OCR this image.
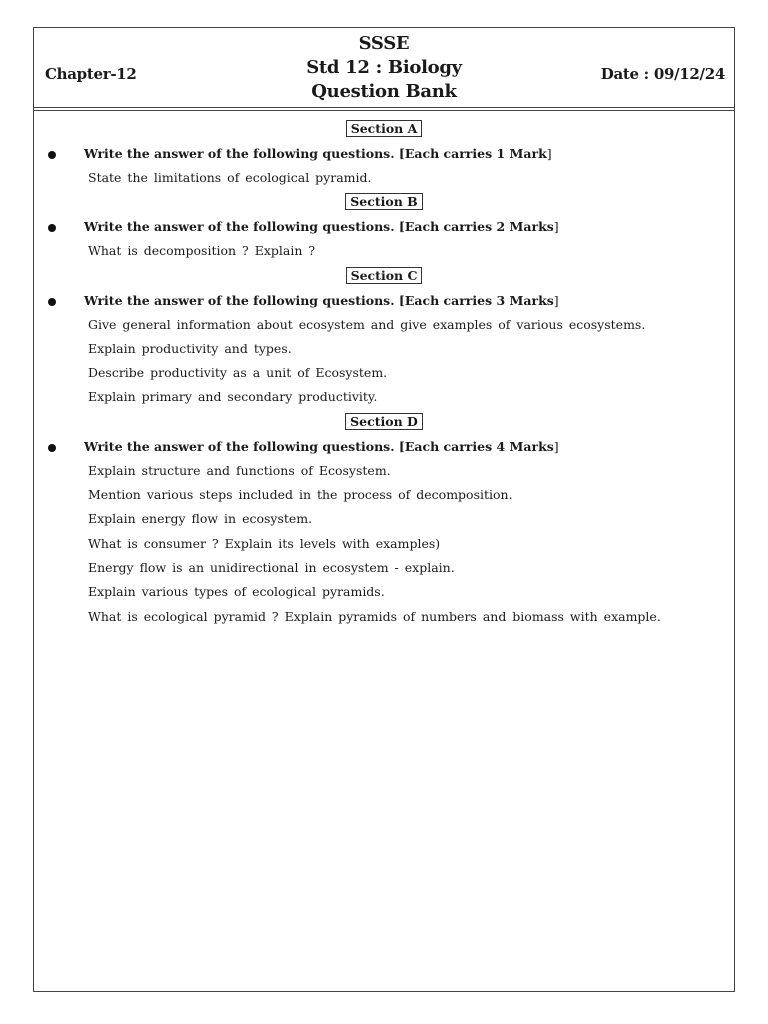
Chapter-12
SSSE
Std 12 : Biology
Question Bank
Date : 09/12/24
Section A
Write the answer of the following questions. [Each carries 1 Mark]
State the limitations of ecological pyramid.
Section B
Write the answer of the following questions. [Each carries 2 Marks]
What is decomposition ? Explain ?
Section C
Write the answer of the following questions. [Each carries 3 Marks]
Give general information about ecosystem and give examples of various ecosystems.
Explain productivity and types.
Describe productivity as a unit of Ecosystem.
Explain primary and secondary productivity.
Section D
Write the answer of the following questions. [Each carries 4 Marks]
Explain structure and functions of Ecosystem.
Mention various steps included in the process of decomposition.
Explain energy flow in ecosystem.
What is consumer ? Explain its levels with examples)
Energy flow is an unidirectional in ecosystem - explain.
Explain various types of ecological pyramids.
What is ecological pyramid ? Explain pyramids of numbers and biomass with example.
